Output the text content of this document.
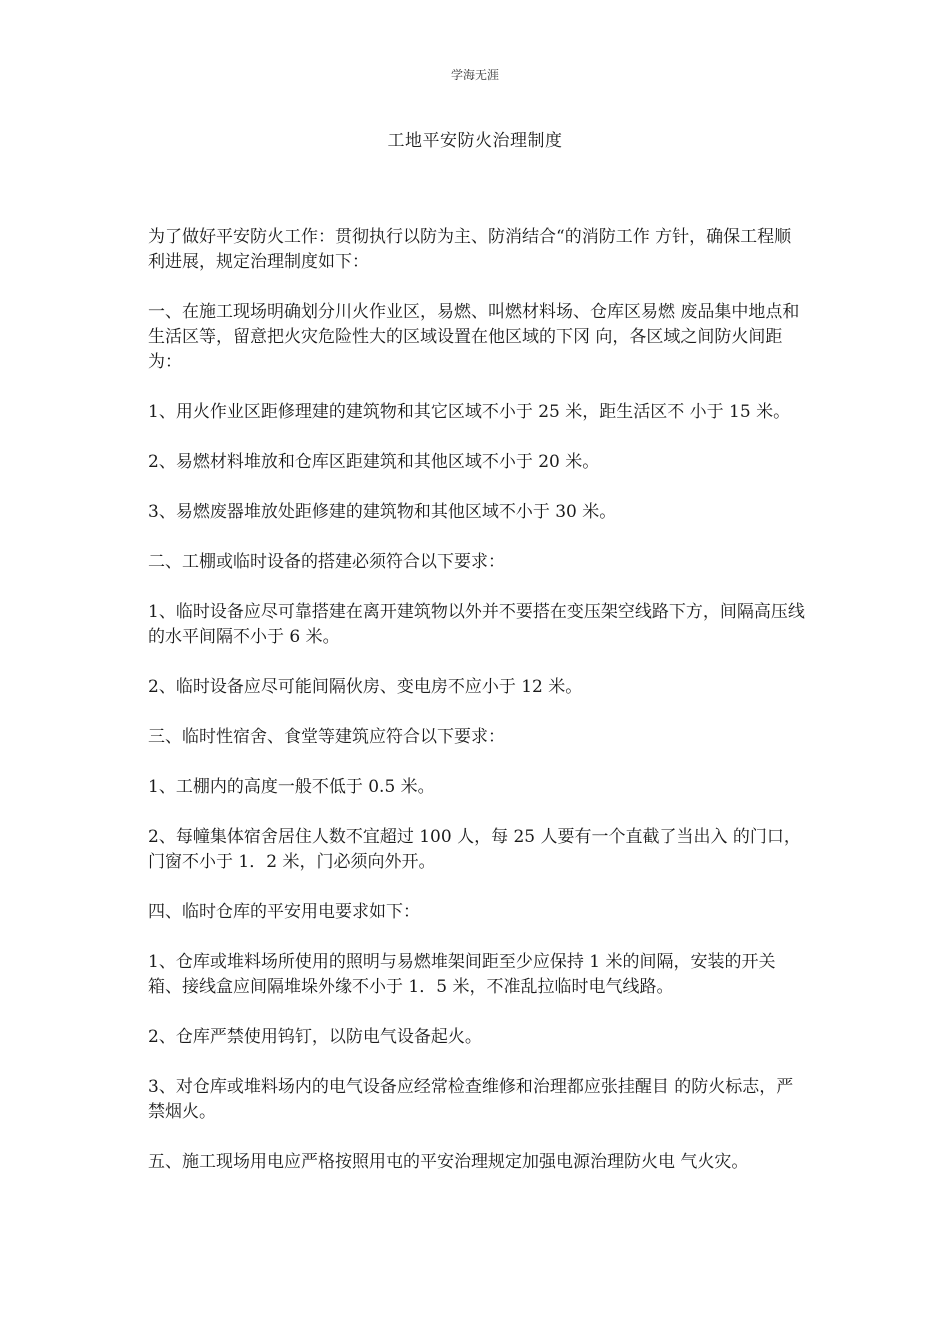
学海无涯
工地平安防火治理制度

为了做好平安防火工作：贯彻执行以防为主、防消结合“的消防工作 方针，确保工程顺利进展，规定治理制度如下：

一、在施工现场明确划分川火作业区，易燃、叫燃材料场、仓库区易燃 废品集中地点和生活区等，留意把火灾危险性大的区域设置在他区域的下冈 向，各区域之间防火间距为：

1、用火作业区距修理建的建筑物和其它区域不小于 25 米，距生活区不 小于 15 米。

2、易燃材料堆放和仓库区距建筑和其他区域不小于 20 米。

3、易燃废器堆放处距修建的建筑物和其他区域不小于 30 米。

二、工棚或临时设备的搭建必须符合以下要求：

1、临时设备应尽可靠搭建在离开建筑物以外并不要搭在变压架空线路下方，间隔高压线的水平间隔不小于 6 米。

2、临时设备应尽可能间隔伙房、变电房不应小于 12 米。

三、临时性宿舍、食堂等建筑应符合以下要求：

1、工棚内的高度一般不低于 0.5 米。

2、每幢集体宿舍居住人数不宜超过 100 人，每 25 人要有一个直截了当出入 的门口，门窗不小于 1．2 米，门必须向外开。

四、临时仓库的平安用电要求如下：

1、仓库或堆料场所使用的照明与易燃堆架间距至少应保持 1 米的间隔，安装的开关箱、接线盒应间隔堆垛外缘不小于 1．5 米，不准乱拉临时电气线路。

2、仓库严禁使用钨钉，以防电气设备起火。

3、对仓库或堆料场内的电气设备应经常检查维修和治理都应张挂醒目 的防火标志，严禁烟火。

五、施工现场用电应严格按照用屯的平安治理规定加强电源治理防火电 气火灾。
